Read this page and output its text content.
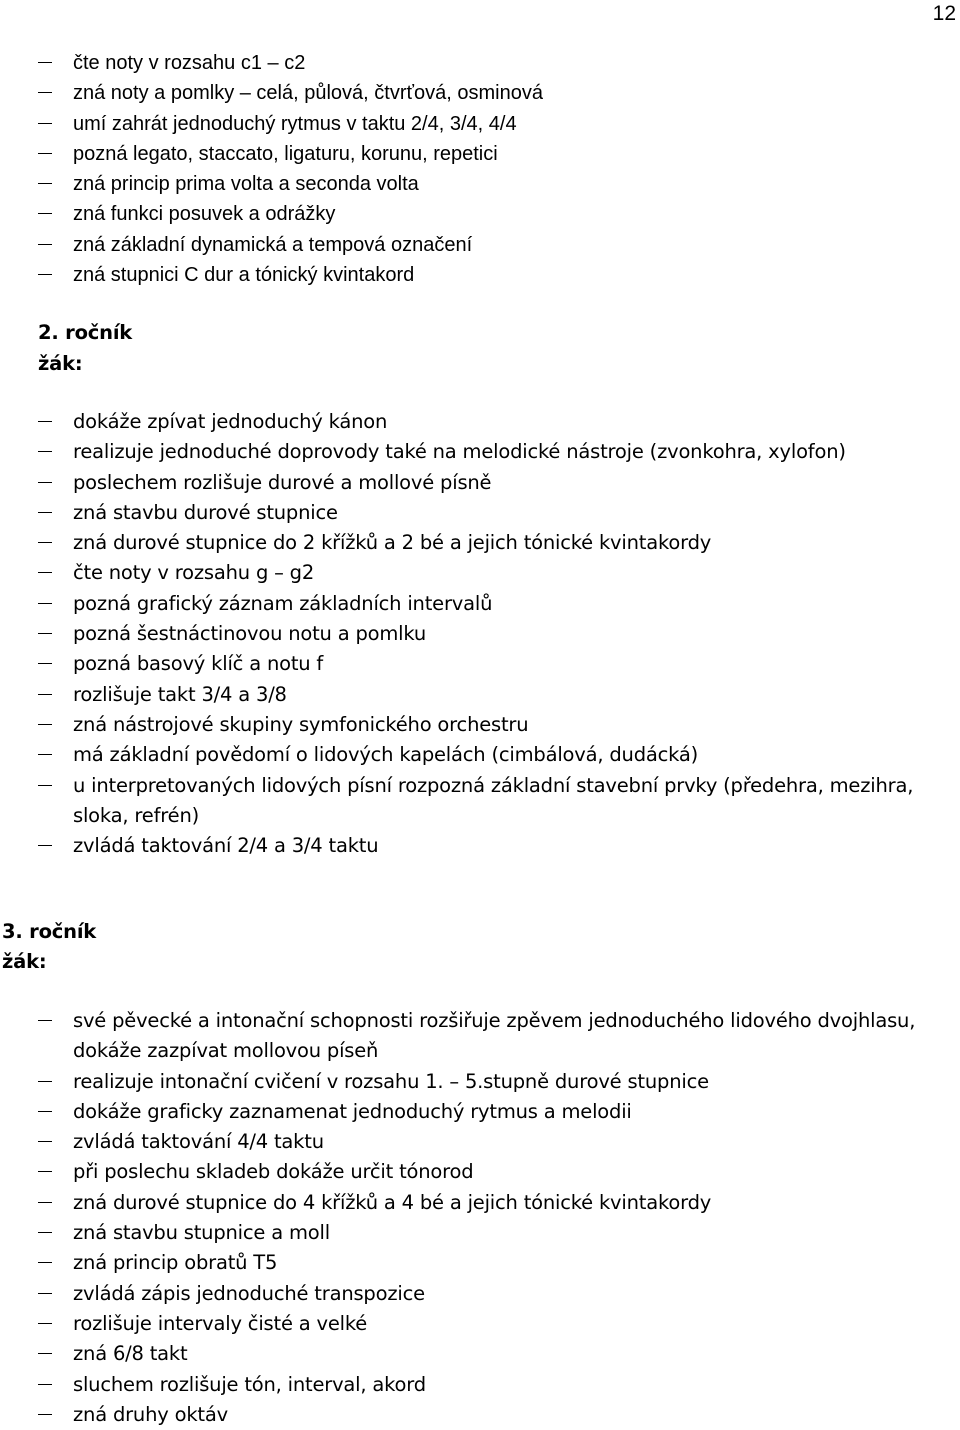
12
čte noty v rozsahu c1 – c2
zná noty a pomlky – celá, půlová, čtvrťová, osminová
umí zahrát jednoduchý rytmus v taktu 2/4, 3/4, 4/4
pozná legato, staccato, ligaturu, korunu, repetici
zná princip prima volta a seconda volta
zná funkci posuvek a odrážky
zná základní dynamická a tempová označení
zná stupnici C dur a tónický kvintakord
2. ročník
žák:
dokáže zpívat jednoduchý kánon
realizuje jednoduché doprovody také na melodické nástroje (zvonkohra, xylofon)
poslechem rozlišuje durové a mollové písně
zná stavbu durové stupnice
zná durové stupnice do 2 křížků a 2 bé a jejich tónické kvintakordy
čte noty v rozsahu g – g2
pozná grafický záznam základních intervalů
pozná šestnáctinovou notu a pomlku
pozná basový klíč a notu f
rozlišuje takt 3/4 a 3/8
zná nástrojové skupiny symfonického orchestru
má základní povědomí o lidových kapelách (cimbálová, dudácká)
u interpretovaných lidových písní rozpozná základní stavební prvky (předehra, mezihra,
sloka, refrén)
zvládá taktování 2/4 a 3/4 taktu
3. ročník
žák:
své pěvecké a intonační schopnosti rozšiřuje zpěvem jednoduchého lidového dvojhlasu,
dokáže zazpívat mollovou píseň
realizuje intonační cvičení v rozsahu 1. – 5.stupně durové stupnice
dokáže graficky zaznamenat jednoduchý rytmus a melodii
zvládá taktování 4/4 taktu
při poslechu skladeb dokáže určit tónorod
zná durové stupnice do 4 křížků a 4 bé a jejich tónické kvintakordy
zná stavbu stupnice a moll
zná princip obratů T5
zvládá zápis jednoduché transpozice
rozlišuje intervaly čisté a velké
zná 6/8 takt
sluchem rozlišuje tón, interval, akord
zná druhy oktáv
